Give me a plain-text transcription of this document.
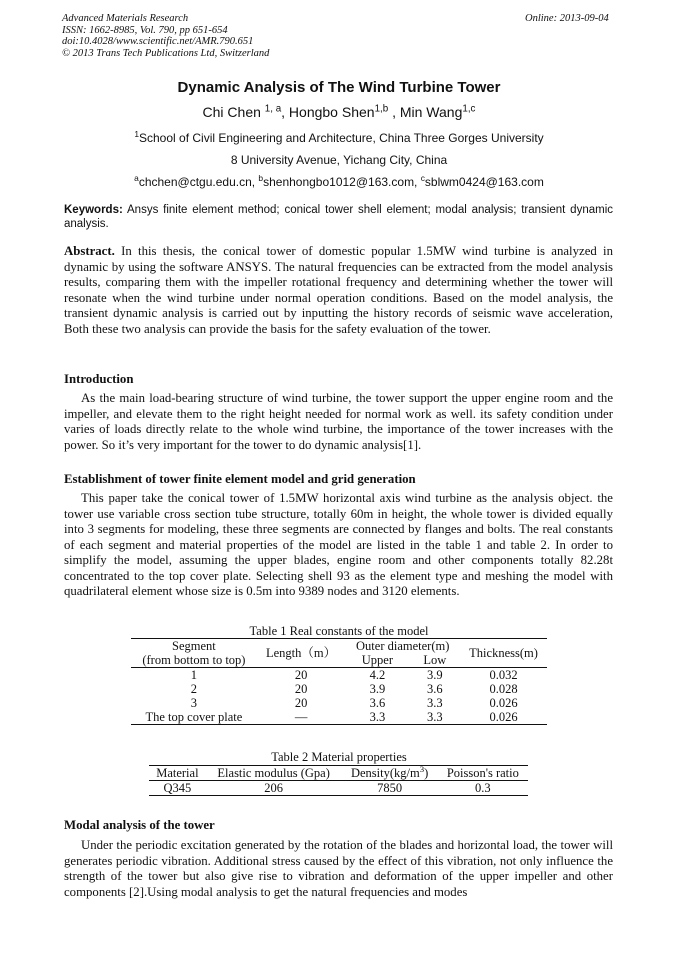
Advanced Materials Research
ISSN: 1662-8985, Vol. 790, pp 651-654
doi:10.4028/www.scientific.net/AMR.790.651
© 2013 Trans Tech Publications Ltd, Switzerland
Online: 2013-09-04
Dynamic Analysis of The Wind Turbine Tower
Chi Chen $^{1, a}$, Hongbo Shen$^{1,b}$ , Min Wang$^{1,c}$
$^1$School of Civil Engineering and Architecture, China Three Gorges University
8 University Avenue, Yichang City, China
$^a$chchen@ctgu.edu.cn, $^b$shenhongbo1012@163.com, $^c$sblwm0424@163.com
Keywords: Ansys finite element method; conical tower shell element; modal analysis; transient dynamic analysis.
Abstract. In this thesis, the conical tower of domestic popular 1.5MW wind turbine is analyzed in dynamic by using the software ANSYS. The natural frequencies can be extracted from the model analysis results, comparing them with the impeller rotational frequency and determining whether the tower will resonate when the wind turbine under normal operation conditions. Based on the model analysis, the transient dynamic analysis is carried out by inputting the history records of seismic wave acceleration, Both these two analysis can provide the basis for the safety evaluation of the tower.
Introduction
As the main load-bearing structure of wind turbine, the tower support the upper engine room and the impeller, and elevate them to the right height needed for normal work as well. its safety condition under varies of loads directly relate to the whole wind turbine, the importance of the tower increases with the power. So it’s very important for the tower to do dynamic analysis[1].
Establishment of tower finite element model and grid generation
This paper take the conical tower of 1.5MW horizontal axis wind turbine as the analysis object. the tower use variable cross section tube structure, totally 60m in height, the whole tower is divided equally into 3 segments for modeling, these three segments are connected by flanges and bolts. The real constants of each segment and material properties of the model are listed in the table 1 and table 2. In order to simplify the model, assuming the upper blades, engine room and other components totally 82.28t concentrated to the top cover plate. Selecting shell 93 as the element type and meshing the model with quadrilateral element whose size is 0.5m into 9389 nodes and 3120 elements.
Table 1 Real constants of the model
Segment
(from bottom to top)	Length（m）	Outer diameter(m)		Thickness(m)
		Upper	Low	
1	20	4.2	3.9	0.032
2	20	3.9	3.6	0.028
3	20	3.6	3.3	0.026
The top cover plate	—	3.3	3.3	0.026
Table 2 Material properties
Material	Elastic modulus (Gpa)	$Density(kg/m^3)$	Poisson's ratio
Q345	206	7850	0.3
Modal analysis of the tower
Under the periodic excitation generated by the rotation of the blades and horizontal load, the tower will generates periodic vibration. Additional stress caused by the effect of this vibration, not only influence the strength of the tower but also give rise to vibration and deformation of the upper impeller and other components [2].Using modal analysis to get the natural frequencies and modes
